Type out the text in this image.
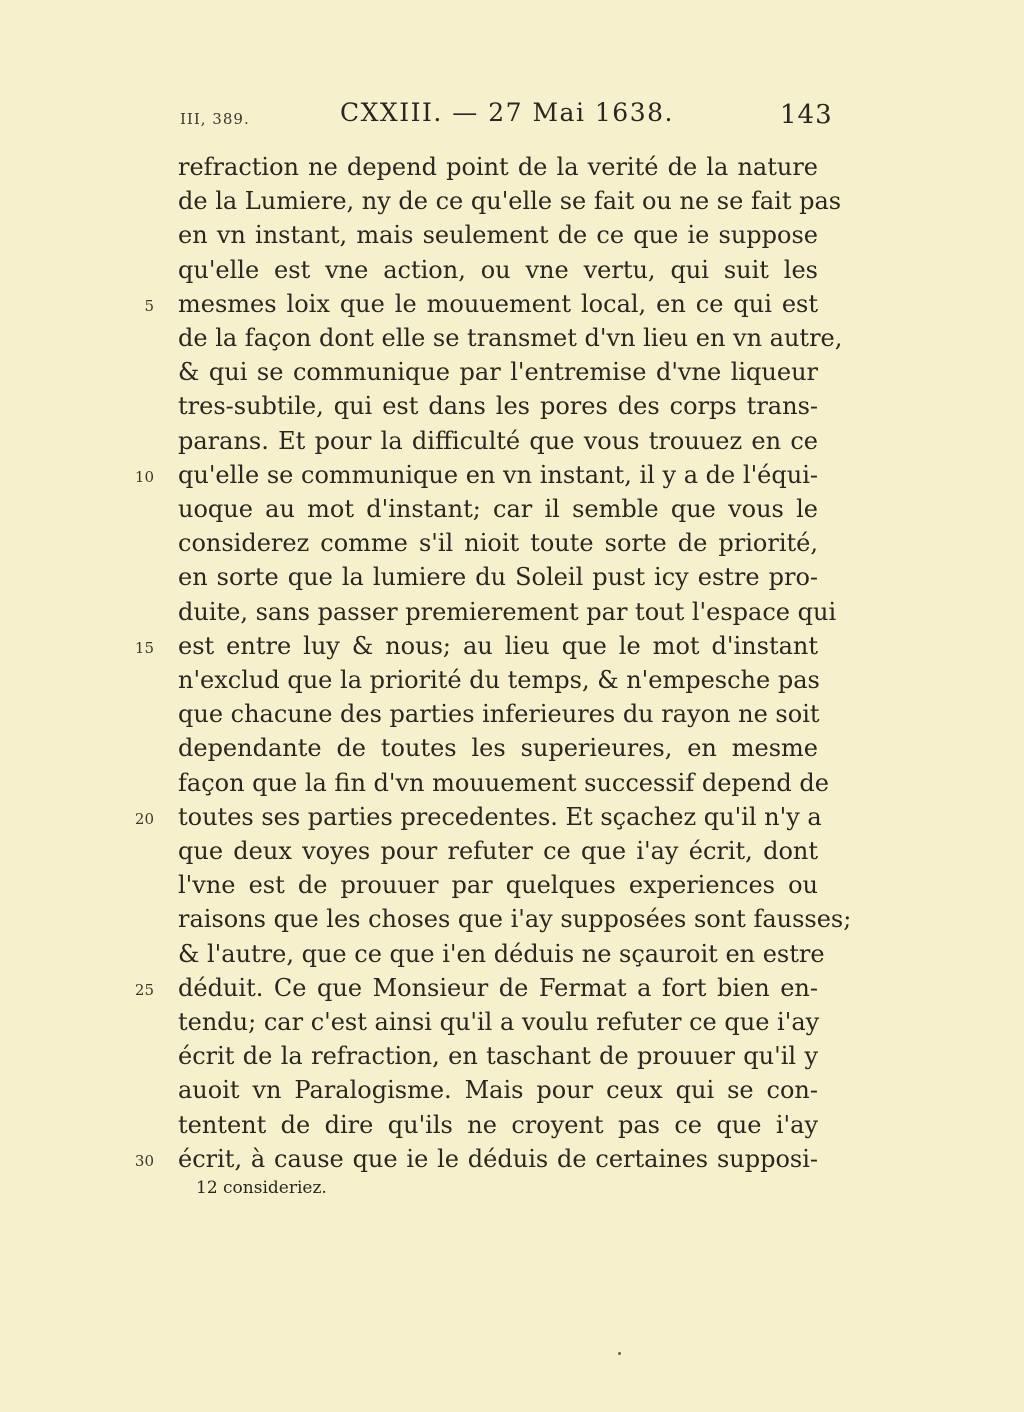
III, 389.	CXXIII. — 27 Mai 1638.	143
refraction ne depend point de la verité de la nature
de la Lumiere, ny de ce qu'elle se fait ou ne se fait pas
en vn instant, mais seulement de ce que ie suppose
qu'elle est vne action, ou vne vertu, qui suit les
mesmes loix que le mouuement local, en ce qui est
5
de la façon dont elle se transmet d'vn lieu en vn autre,
& qui se communique par l'entremise d'vne liqueur
tres-subtile, qui est dans les pores des corps trans-
parans. Et pour la difficulté que vous trouuez en ce
qu'elle se communique en vn instant, il y a de l'équi-
10
uoque au mot d'instant; car il semble que vous le
considerez comme s'il nioit toute sorte de priorité,
en sorte que la lumiere du Soleil pust icy estre pro-
duite, sans passer premierement par tout l'espace qui
est entre luy & nous; au lieu que le mot d'instant
15
n'exclud que la priorité du temps, & n'empesche pas
que chacune des parties inferieures du rayon ne soit
dependante de toutes les superieures, en mesme
façon que la fin d'vn mouuement successif depend de
toutes ses parties precedentes. Et sçachez qu'il n'y a
20
que deux voyes pour refuter ce que i'ay écrit, dont
l'vne est de prouuer par quelques experiences ou
raisons que les choses que i'ay supposées sont fausses;
& l'autre, que ce que i'en déduis ne sçauroit en estre
déduit. Ce que Monsieur de Fermat a fort bien en-
25
tendu; car c'est ainsi qu'il a voulu refuter ce que i'ay
écrit de la refraction, en taschant de prouuer qu'il y
auoit vn Paralogisme. Mais pour ceux qui se con-
tentent de dire qu'ils ne croyent pas ce que i'ay
écrit, à cause que ie le déduis de certaines supposi-
30
12 consideriez.
